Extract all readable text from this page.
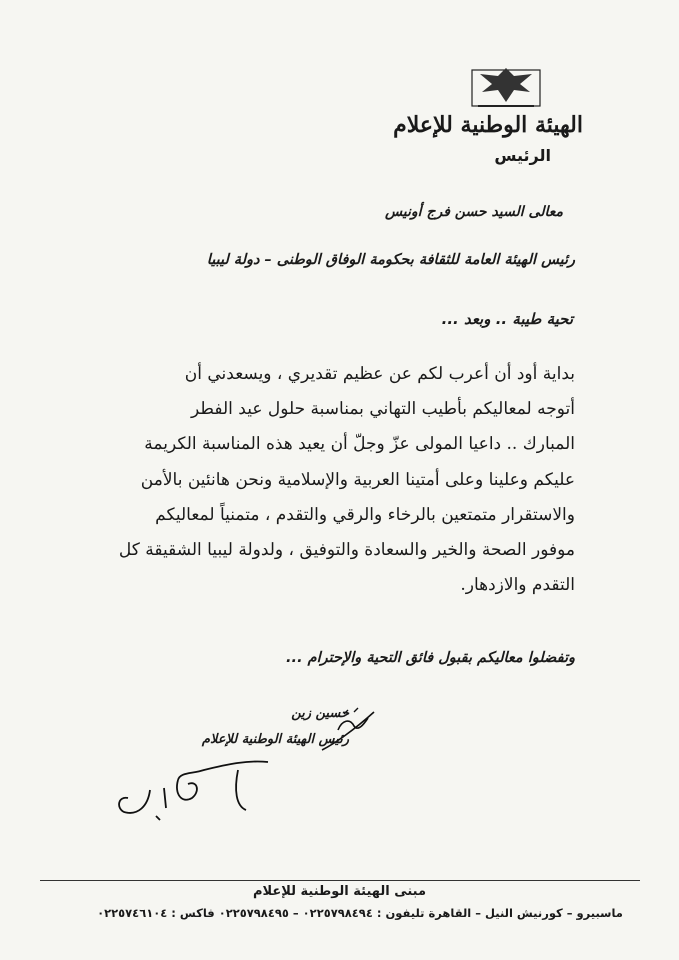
الهيئة الوطنية للإعلام
الرئيس
معالى السيد حسن فرج أونيس
رئيس الهيئة العامة للثقافة بحكومة الوفاق الوطنى – دولة ليبيا
تحية طيبة .. وبعد ...
بداية أود أن أعرب لكم عن عظيم تقديري ، ويسعدني أن
أتوجه لمعاليكم بأطيب التهاني بمناسبة حلول عيد الفطر
المبارك .. داعيا المولى عزّ وجلّ أن يعيد هذه المناسبة الكريمة
عليكم وعلينا وعلى أمتينا العربية والإسلامية ونحن هانئين بالأمن
والاستقرار متمتعين بالرخاء والرقي والتقدم ، متمنياً لمعاليكم
موفور الصحة والخير والسعادة والتوفيق ، ولدولة ليبيا الشقيقة كل
التقدم والازدهار.
وتفضلوا معاليكم بقبول فائق التحية والإحترام ...
حسين زين
رئيس الهيئة الوطنية للإعلام
مبنى الهيئة الوطنية للإعلام
ماسبيرو – كورنيش النيل – القاهرة تليفون : ٠٢٢٥٧٩٨٤٩٤ – ٠٢٢٥٧٩٨٤٩٥ فاكس : ٠٢٢٥٧٤٦١٠٤
